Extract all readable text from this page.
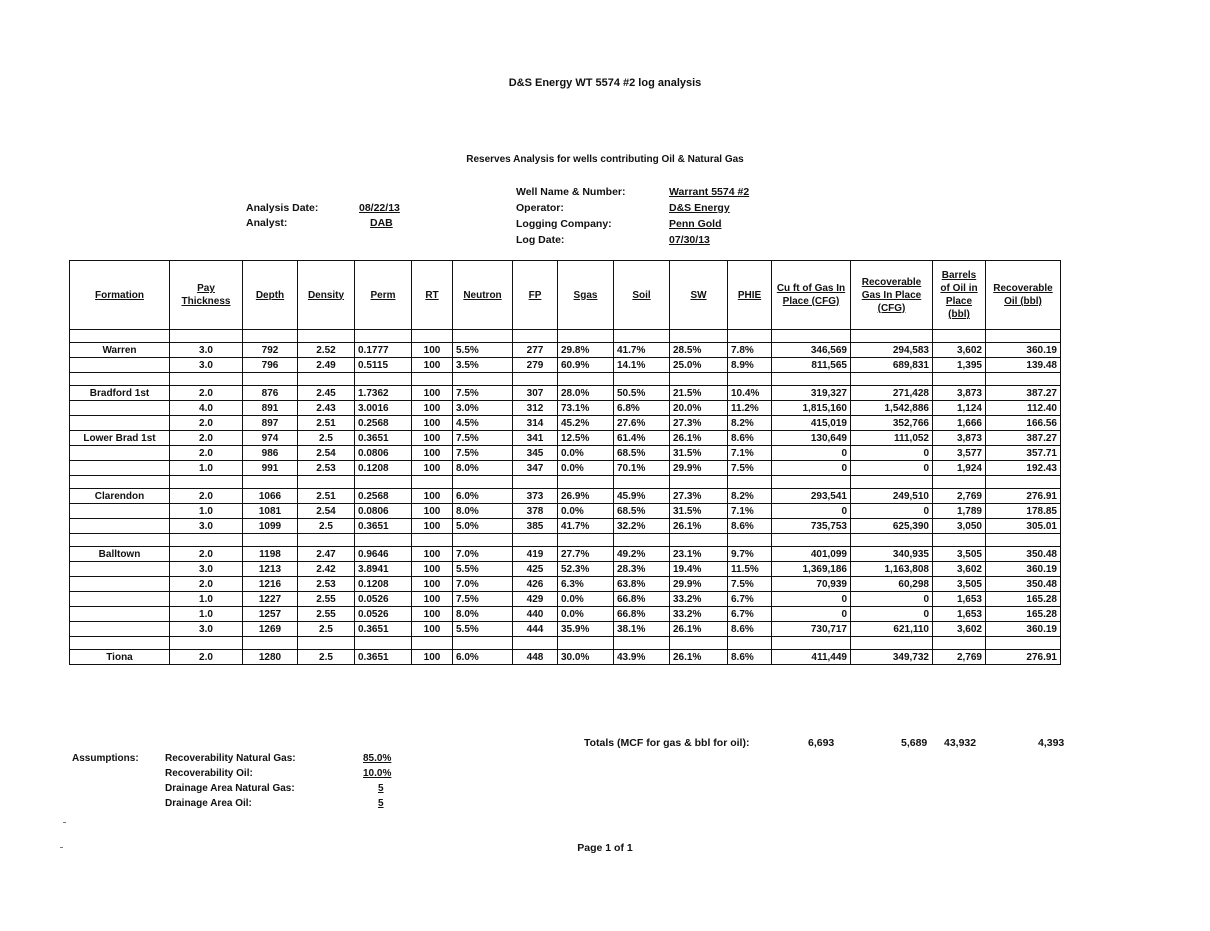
D&S Energy WT 5574 #2 log analysis
Reserves Analysis for wells contributing Oil & Natural Gas
Analysis Date:	08/22/13
Analyst:	DAB
Well Name & Number:	Warrant 5574 #2
Operator:	D&S Energy
Logging Company:	Penn Gold
Log Date:	07/30/13
Formation	Pay Thickness	Depth	Density	Perm	RT	Neutron	FP	Sgas	Soil	SW	PHIE	Cu ft of Gas In Place (CFG)	Recoverable Gas In Place (CFG)	Barrels of Oil in Place (bbl)	Recoverable Oil (bbl)

Warren	3.0	792	2.52	0.1777	100	5.5%	277	29.8%	41.7%	28.5%	7.8%	346,569	294,583	3,602	360.19
	3.0	796	2.49	0.5115	100	3.5%	279	60.9%	14.1%	25.0%	8.9%	811,565	689,831	1,395	139.48

Bradford 1st	2.0	876	2.45	1.7362	100	7.5%	307	28.0%	50.5%	21.5%	10.4%	319,327	271,428	3,873	387.27
	4.0	891	2.43	3.0016	100	3.0%	312	73.1%	6.8%	20.0%	11.2%	1,815,160	1,542,886	1,124	112.40
	2.0	897	2.51	0.2568	100	4.5%	314	45.2%	27.6%	27.3%	8.2%	415,019	352,766	1,666	166.56
Lower Brad 1st	2.0	974	2.5	0.3651	100	7.5%	341	12.5%	61.4%	26.1%	8.6%	130,649	111,052	3,873	387.27
	2.0	986	2.54	0.0806	100	7.5%	345	0.0%	68.5%	31.5%	7.1%	0	0	3,577	357.71
	1.0	991	2.53	0.1208	100	8.0%	347	0.0%	70.1%	29.9%	7.5%	0	0	1,924	192.43

Clarendon	2.0	1066	2.51	0.2568	100	6.0%	373	26.9%	45.9%	27.3%	8.2%	293,541	249,510	2,769	276.91
	1.0	1081	2.54	0.0806	100	8.0%	378	0.0%	68.5%	31.5%	7.1%	0	0	1,789	178.85
	3.0	1099	2.5	0.3651	100	5.0%	385	41.7%	32.2%	26.1%	8.6%	735,753	625,390	3,050	305.01

Balltown	2.0	1198	2.47	0.9646	100	7.0%	419	27.7%	49.2%	23.1%	9.7%	401,099	340,935	3,505	350.48
	3.0	1213	2.42	3.8941	100	5.5%	425	52.3%	28.3%	19.4%	11.5%	1,369,186	1,163,808	3,602	360.19
	2.0	1216	2.53	0.1208	100	7.0%	426	6.3%	63.8%	29.9%	7.5%	70,939	60,298	3,505	350.48
	1.0	1227	2.55	0.0526	100	7.5%	429	0.0%	66.8%	33.2%	6.7%	0	0	1,653	165.28
	1.0	1257	2.55	0.0526	100	8.0%	440	0.0%	66.8%	33.2%	6.7%	0	0	1,653	165.28
	3.0	1269	2.5	0.3651	100	5.5%	444	35.9%	38.1%	26.1%	8.6%	730,717	621,110	3,602	360.19

Tiona	2.0	1280	2.5	0.3651	100	6.0%	448	30.0%	43.9%	26.1%	8.6%	411,449	349,732	2,769	276.91
Totals (MCF for gas & bbl for oil):	6,693	5,689 43,932	4,393
Assumptions:	Recoverability Natural Gas:	85.0%
Recoverability Oil:	10.0%
Drainage Area Natural Gas:	5
Drainage Area Oil:	5
Page 1 of 1
